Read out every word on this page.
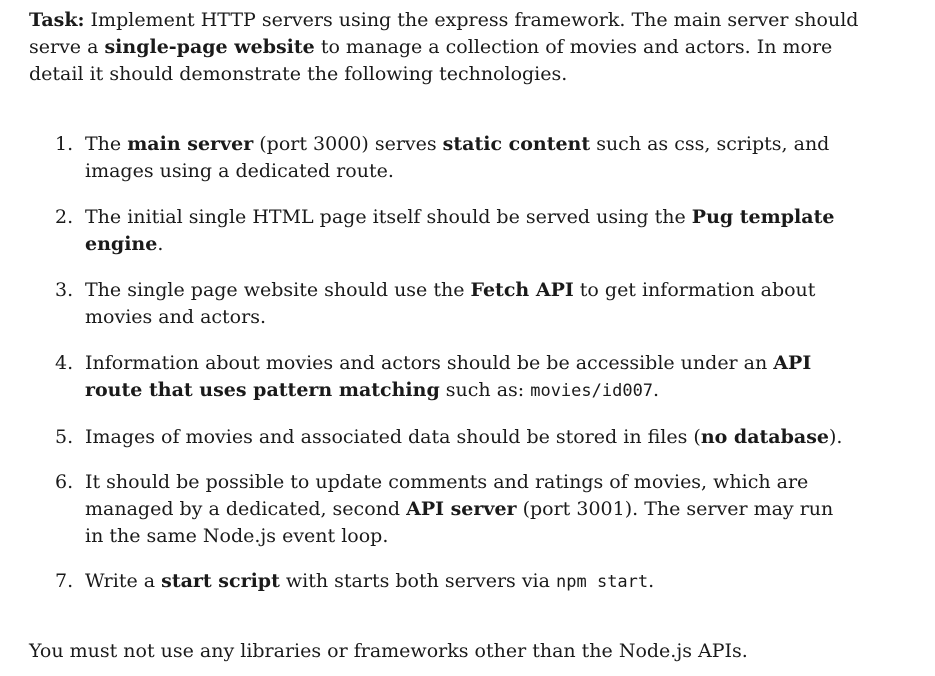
Task: Implement HTTP servers using the express framework. The main server should serve a single-page website to manage a collection of movies and actors. In more detail it should demonstrate the following technologies.

1. The main server (port 3000) serves static content such as css, scripts, and images using a dedicated route.
2. The initial single HTML page itself should be served using the Pug template engine.
3. The single page website should use the Fetch API to get information about movies and actors.
4. Information about movies and actors should be be accessible under an API route that uses pattern matching such as: movies/id007.
5. Images of movies and associated data should be stored in files (no database).
6. It should be possible to update comments and ratings of movies, which are managed by a dedicated, second API server (port 3001). The server may run in the same Node.js event loop.
7. Write a start script with starts both servers via npm start.

You must not use any libraries or frameworks other than the Node.js APIs.
